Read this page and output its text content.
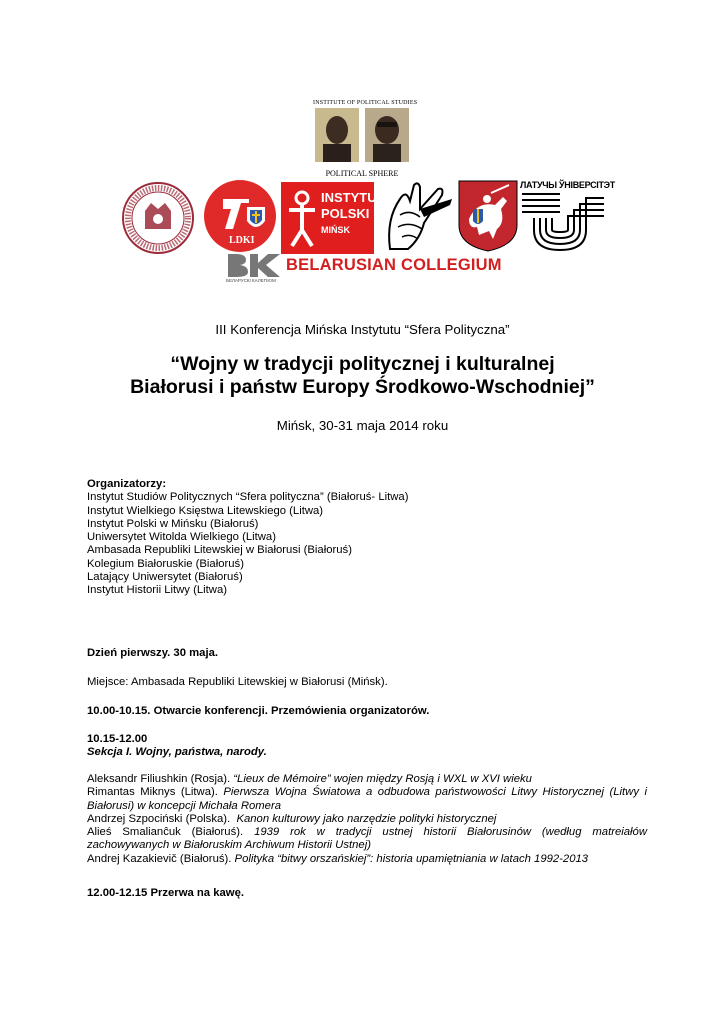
INSTITUTE OF POLITICAL STUDIES
POLITICAL SPHERE
LDKI
INSTYTUT
POLSKI
MIŃSK
ЛАТУЧЫ ЎНІВЕРСІТЭТ
BELARUSIAN COLLEGIUM
БЕЛАРУСКІ КАЛЕГІЮМ
III Konferencja Mińska Instytutu “Sfera Polityczna”
“Wojny w tradycji politycznej i kulturalnej
Białorusi i państw Europy Środkowo-Wschodniej”
Mińsk, 30-31 maja 2014 roku

Organizatorzy:

Instytut Studiów Politycznych “Sfera polityczna” (Białoruś- Litwa)

Instytut Wielkiego Księstwa Litewskiego (Litwa)

Instytut Polski w Mińsku (Białoruś)

Uniwersytet Witolda Wielkiego (Litwa)

Ambasada Republiki Litewskiej w Białorusi (Białoruś)

Kolegium Białoruskie (Białoruś)

Latający Uniwersytet (Białoruś)

Instytut Historii Litwy (Litwa)

Dzień pierwszy. 30 maja.
Miejsce: Ambasada Republiki Litewskiej w Białorusi (Mińsk).
10.00-10.15. Otwarcie konferencji. Przemówienia organizatorów.
10.15-12.00
Sekcja I. Wojny, państwa, narody.

Aleksandr Filiushkin (Rosja). “Lieux de Mémoire” wojen między Rosją i WXL w XVI wieku

Rimantas Miknys (Litwa). Pierwsza Wojna Światowa a odbudowa państwowości Litwy Historycznej (Litwy i Białorusi) w koncepcji Michała Romera

Andrzej Szpociński (Polska). Kanon kulturowy jako narzędzie polityki historycznej

Alieś Smalianĉuk (Białoruś). 1939 rok w tradycji ustnej historii Białorusinów (według matreiałów zachowywanych w Białoruskim Archiwum Historii Ustnej)

Andrej Kazakievič (Białoruś). Polityka “bitwy orszańskiej”: historia upamiętniania w latach 1992-2013

12.00-12.15 Przerwa na kawę.
